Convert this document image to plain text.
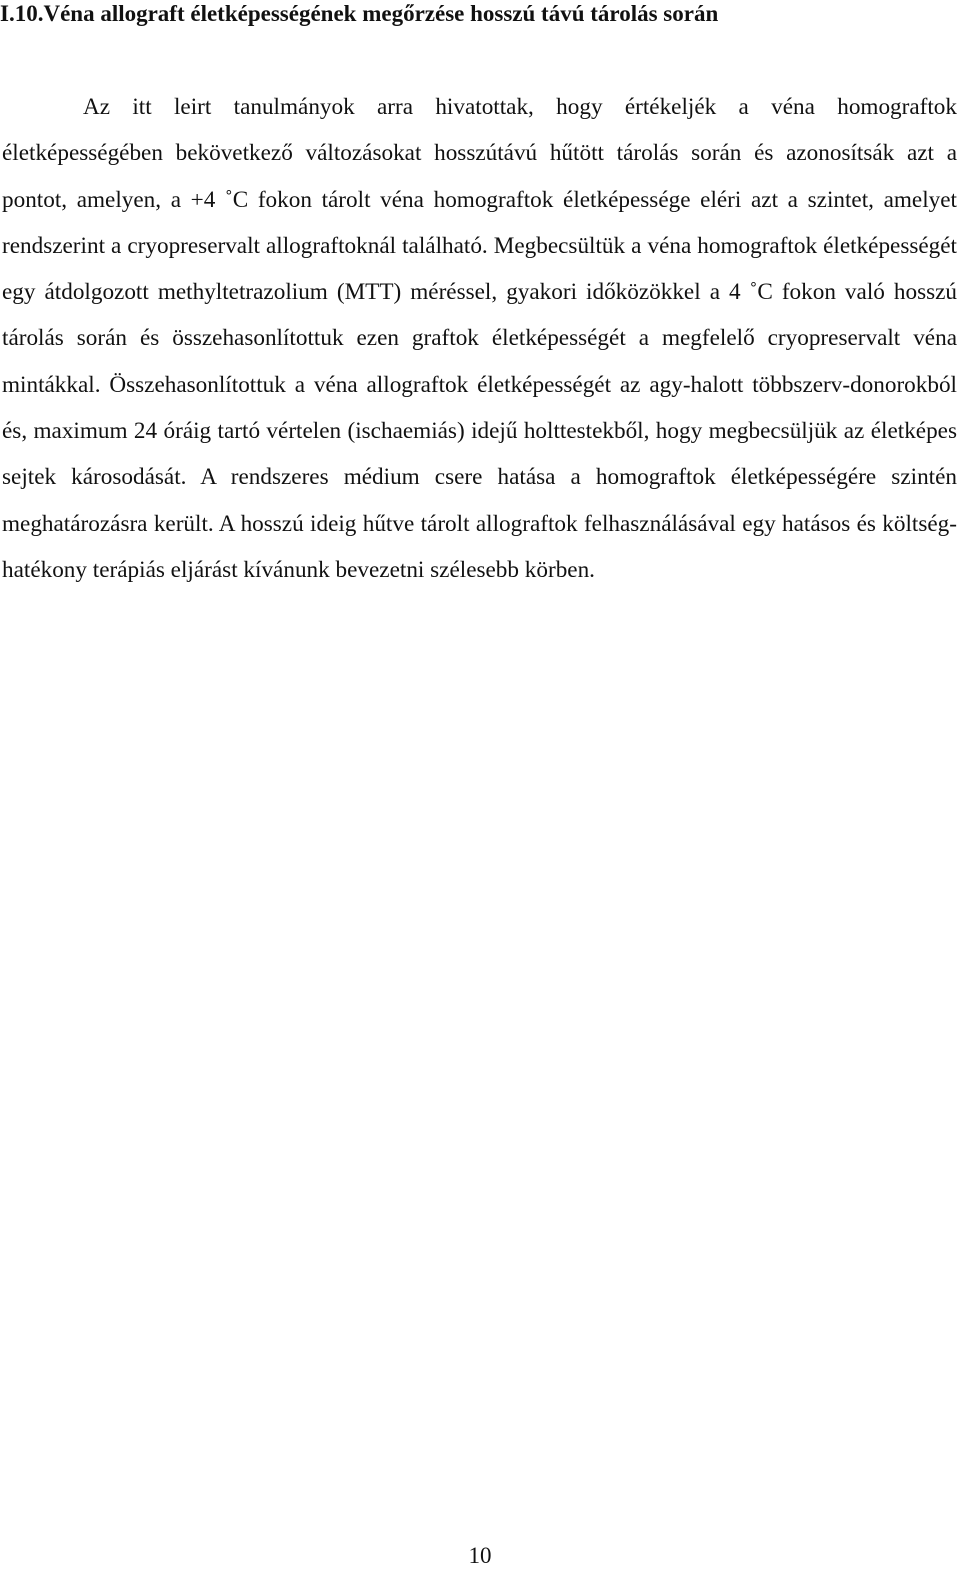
I.10.Véna allograft életképességének megőrzése hosszú távú tárolás során

Az itt leirt tanulmányok arra hivatottak, hogy értékeljék a véna homograftok életképességében bekövetkező változásokat hosszútávú hűtött tárolás során és azonosítsák azt a pontot, amelyen, a +4 ˚C fokon tárolt véna homograftok életképessége eléri azt a szintet, amelyet rendszerint a cryopreservalt allograftoknál található. Megbecsültük a véna homograftok életképességét egy átdolgozott methyltetrazolium (MTT) méréssel, gyakori időközökkel a 4 ˚C fokon való hosszú tárolás során és összehasonlítottuk ezen graftok életképességét a megfelelő cryopreservalt véna mintákkal. Összehasonlítottuk a véna allograftok életképességét az agy-halott többszerv-donorokból és, maximum 24 óráig tartó vértelen (ischaemiás) idejű holttestekből, hogy megbecsüljük az életképes sejtek károsodását. A rendszeres médium csere hatása a homograftok életképességére szintén meghatározásra került. A hosszú ideig hűtve tárolt allograftok felhasználásával egy hatásos és költség-hatékony terápiás eljárást kívánunk bevezetni szélesebb körben.

10
